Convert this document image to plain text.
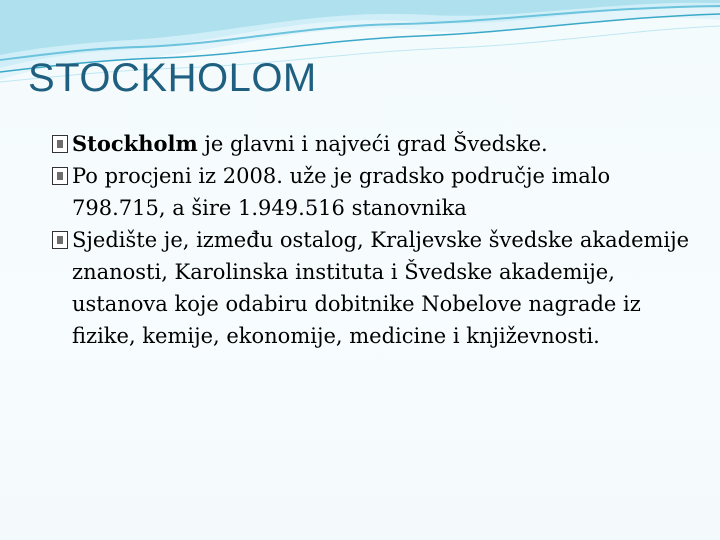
STOCKHOLOM
Stockholm je glavni i najveći grad Švedske.
Po procjeni iz 2008. uže je gradsko područje imalo 798.715, a šire 1.949.516 stanovnika
Sjedište je, između ostalog, Kraljevske švedske akademije znanosti, Karolinska instituta i Švedske akademije, ustanova koje odabiru dobitnike Nobelove nagrade iz fizike, kemije, ekonomije, medicine i književnosti.
